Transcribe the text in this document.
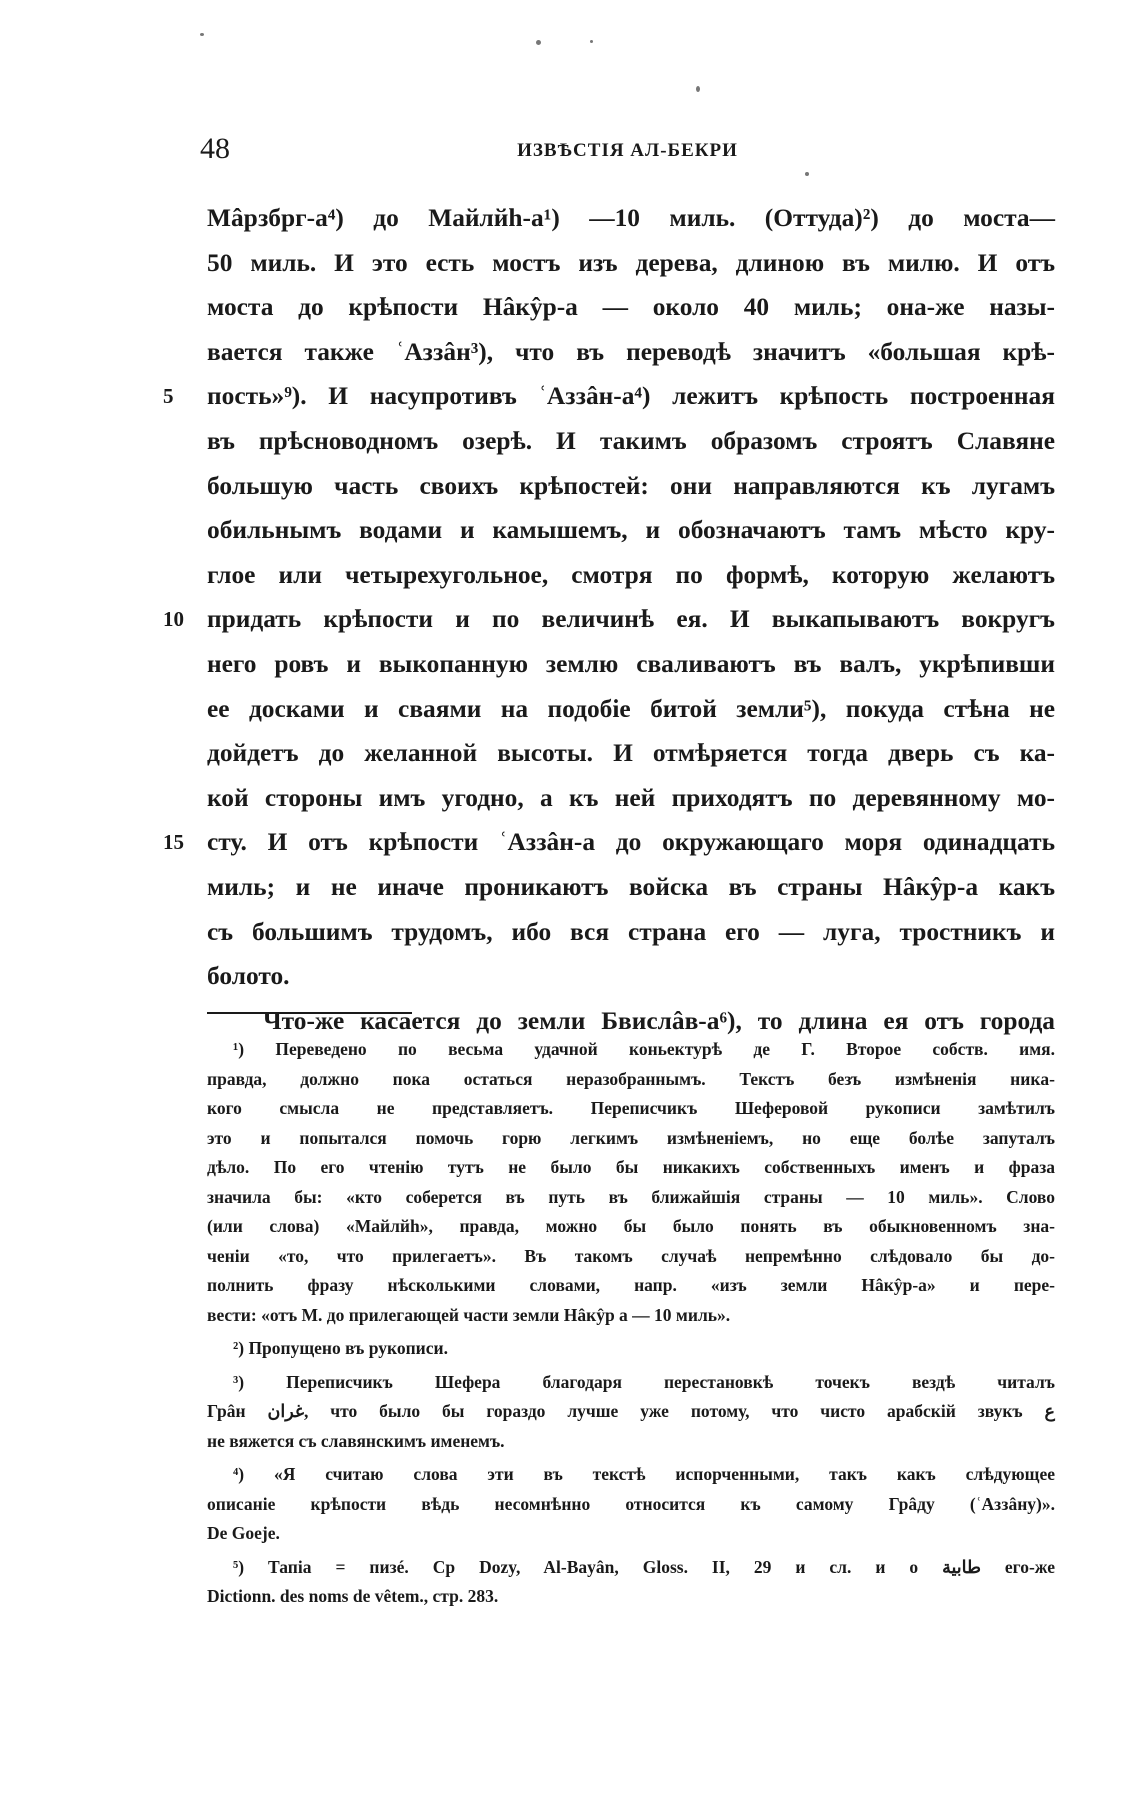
48	ИЗВѢСТІЯ АЛ-БЕКРИ
Мâрзбрг-а⁴) до Майлйһ-а¹) —10 миль. (Оттуда)²) до моста—
50 миль. И это есть мостъ изъ дерева, длиною въ милю. И отъ
моста до крѣпости Нâкŷр-а — около 40 миль; она-же назы-
вается также ʿАззâн³), что въ переводѣ значитъ «большая крѣ-
5 пость»⁹). И насупротивъ ʿАззâн-а⁴) лежитъ крѣпость построенная
въ прѣсноводномъ озерѣ. И такимъ образомъ строятъ Славяне
большую часть своихъ крѣпостей: они направляются къ лугамъ
обильнымъ водами и камышемъ, и обозначаютъ тамъ мѣсто кру-
глое или четырехугольное, смотря по формѣ, которую желаютъ
10 придать крѣпости и по величинѣ ея. И выкапываютъ вокругъ
него ровъ и выкопанную землю сваливаютъ въ валъ, укрѣпивши
ее досками и сваями на подобіе битой земли⁵), покуда стѣна не
дойдетъ до желанной высоты. И отмѣряется тогда дверь съ ка-
кой стороны имъ угодно, а къ ней приходятъ по деревянному мо-
15 сту. И отъ крѣпости ʿАззâн-а до окружающаго моря одинадцать
миль; и не иначе проникаютъ войска въ страны Нâкŷр-а какъ
съ большимъ трудомъ, ибо вся страна его — луга, тростникъ и
болото.
Что-же касается до земли Бвислâв-а⁶), то длина ея отъ города
¹) Переведено по весьма удачной коньектурѣ де Г. Второе собств. имя.
правда, должно пока остаться неразобраннымъ. Текстъ безъ измѣненія никa-
кого смысла не представляетъ. Переписчикъ Шеферовой рукописи замѣтилъ
это и попытался помочь горю легкимъ измѣненіемъ, но еще болѣе запуталъ
дѣло. По его чтенію тутъ не было бы никакихъ собственныхъ именъ и фраза
значила бы: «кто соберется въ путь въ ближайшія страны — 10 миль». Слово
(или слова) «Майлйһ», правда, можно бы было понять въ обыкновенномъ зна-
ченіи «то, что прилегаетъ». Въ такомъ случаѣ непремѣнно слѣдовало бы до-
полнить фразу нѣсколькими словами, напр. «изъ земли Нâкŷр-а» и пере-
вести: «отъ М. до прилегающей части земли Нâкŷр а — 10 миль».
²) Пропущено въ рукописи.
³) Переписчикъ Шефера благодаря перестановкѣ точекъ вездѣ читалъ
Грâн غران, что было бы гораздо лучше уже потому, что чисто арабскій звукъ ع
не вяжется съ славянскимъ именемъ.
⁴) «Я считаю слова эти въ текстѣ испорченными, такъ какъ слѣдующее
описаніе крѣпости вѣдь несомнѣнно относится къ самому Грâду (ʿАззâну)».
De Goeje.
⁵) Тапіа = пизé. Ср Dozy, Al-Bayân, Gloss. II, 29 и сл. и о طابية его-же
Dictionn. des noms de vêtem., стр. 283.
